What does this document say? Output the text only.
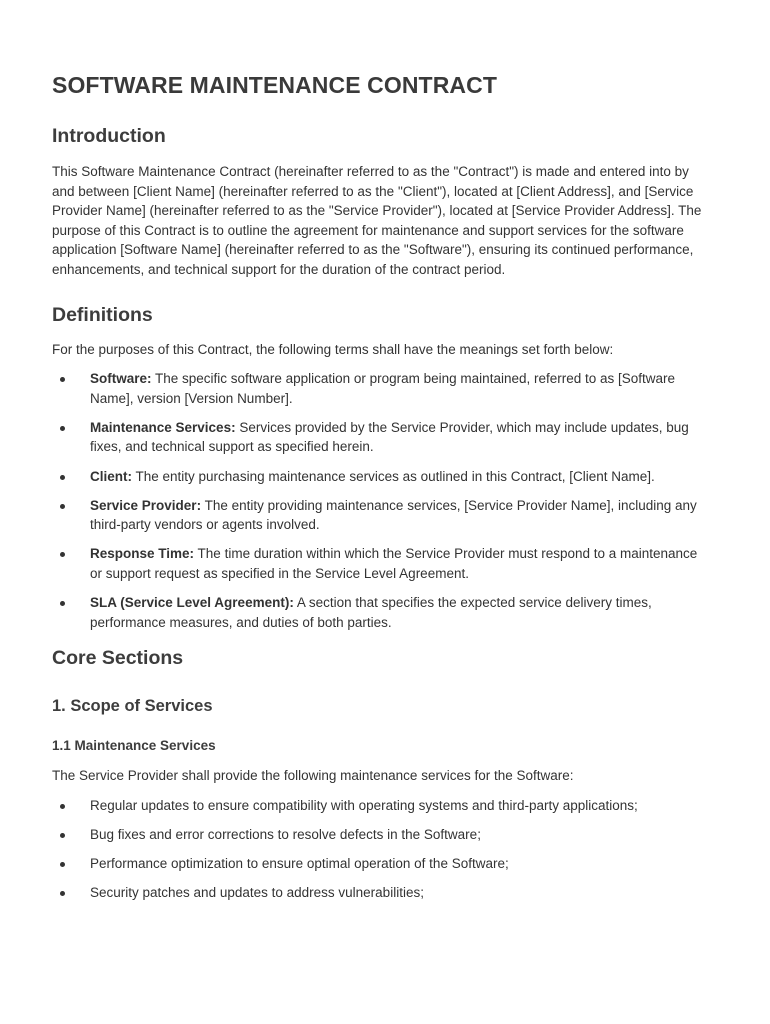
SOFTWARE MAINTENANCE CONTRACT
Introduction

This Software Maintenance Contract (hereinafter referred to as the "Contract") is made and entered into by and between [Client Name] (hereinafter referred to as the "Client"), located at [Client Address], and [Service Provider Name] (hereinafter referred to as the "Service Provider"), located at [Service Provider Address]. The purpose of this Contract is to outline the agreement for maintenance and support services for the software application [Software Name] (hereinafter referred to as the "Software"), ensuring its continued performance, enhancements, and technical support for the duration of the contract period.

Definitions

For the purposes of this Contract, the following terms shall have the meanings set forth below:

Software: The specific software application or program being maintained, referred to as [Software Name], version [Version Number].
Maintenance Services: Services provided by the Service Provider, which may include updates, bug fixes, and technical support as specified herein.
Client: The entity purchasing maintenance services as outlined in this Contract, [Client Name].
Service Provider: The entity providing maintenance services, [Service Provider Name], including any third-party vendors or agents involved.
Response Time: The time duration within which the Service Provider must respond to a maintenance or support request as specified in the Service Level Agreement.
SLA (Service Level Agreement): A section that specifies the expected service delivery times, performance measures, and duties of both parties.
Core Sections
1. Scope of Services
1.1 Maintenance Services

The Service Provider shall provide the following maintenance services for the Software:

Regular updates to ensure compatibility with operating systems and third-party applications;
Bug fixes and error corrections to resolve defects in the Software;
Performance optimization to ensure optimal operation of the Software;
Security patches and updates to address vulnerabilities;
